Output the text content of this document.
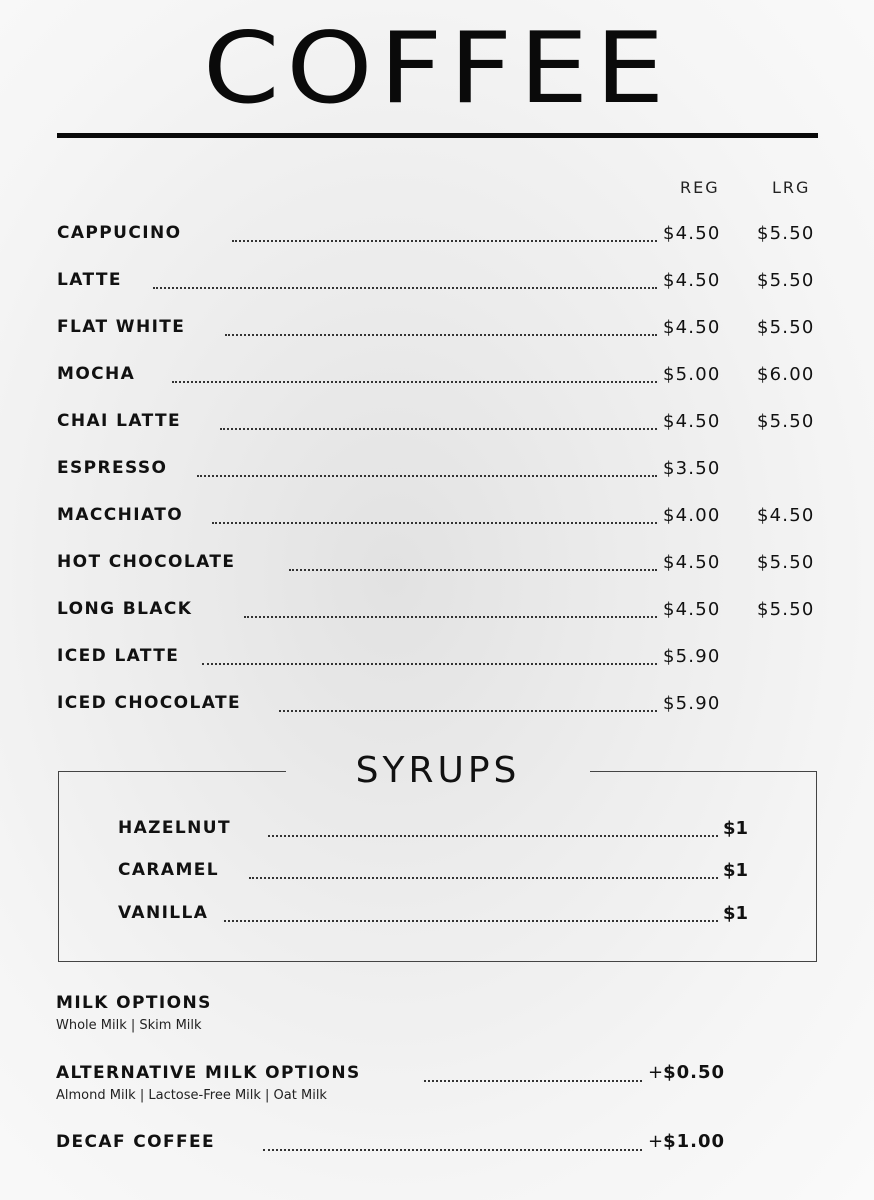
COFFEE
REG	LRG
CAPPUCINO	$4.50 $5.50
LATTE	$4.50 $5.50
FLAT WHITE	$4.50 $5.50
MOCHA	$5.00 $6.00
CHAI LATTE	$4.50 $5.50
ESPRESSO	$3.50
MACCHIATO	$4.00 $4.50
HOT CHOCOLATE	$4.50 $5.50
LONG BLACK	$4.50 $5.50
ICED LATTE	$5.90
ICED CHOCOLATE	$5.90
SYRUPS
HAZELNUT	$1
CARAMEL	$1
VANILLA	$1
MILK OPTIONS
Whole Milk | Skim Milk
ALTERNATIVE MILK OPTIONS	+$0.50
Almond Milk | Lactose-Free Milk | Oat Milk
DECAF COFFEE	+$1.00
